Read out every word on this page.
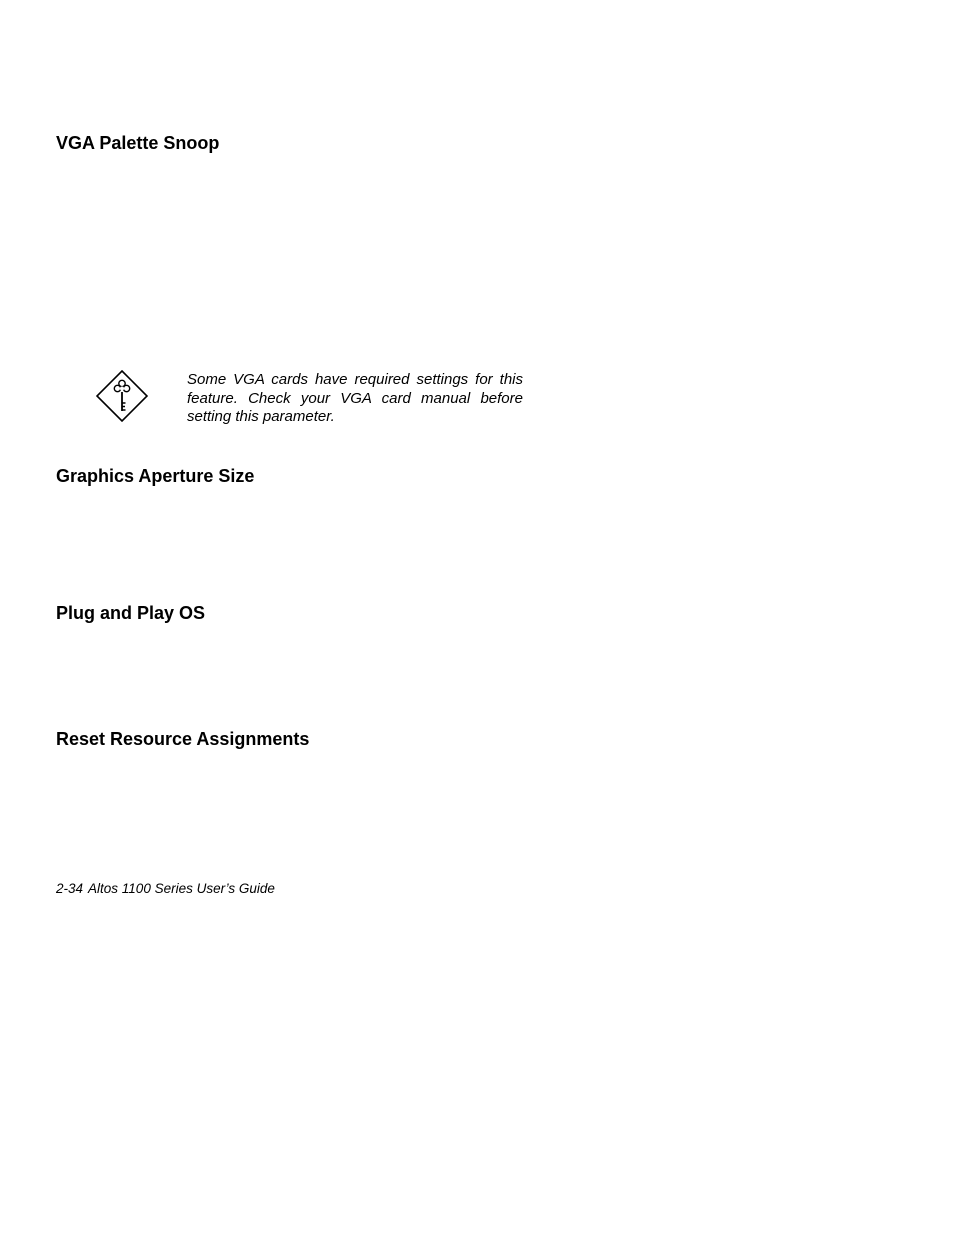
VGA Palette Snoop

Some VGA cards have required settings for this feature. Check your VGA card manual before setting this parameter.

Graphics Aperture Size
Plug and Play OS
Reset Resource Assignments

2-34 Altos 1100 Series User’s Guide
